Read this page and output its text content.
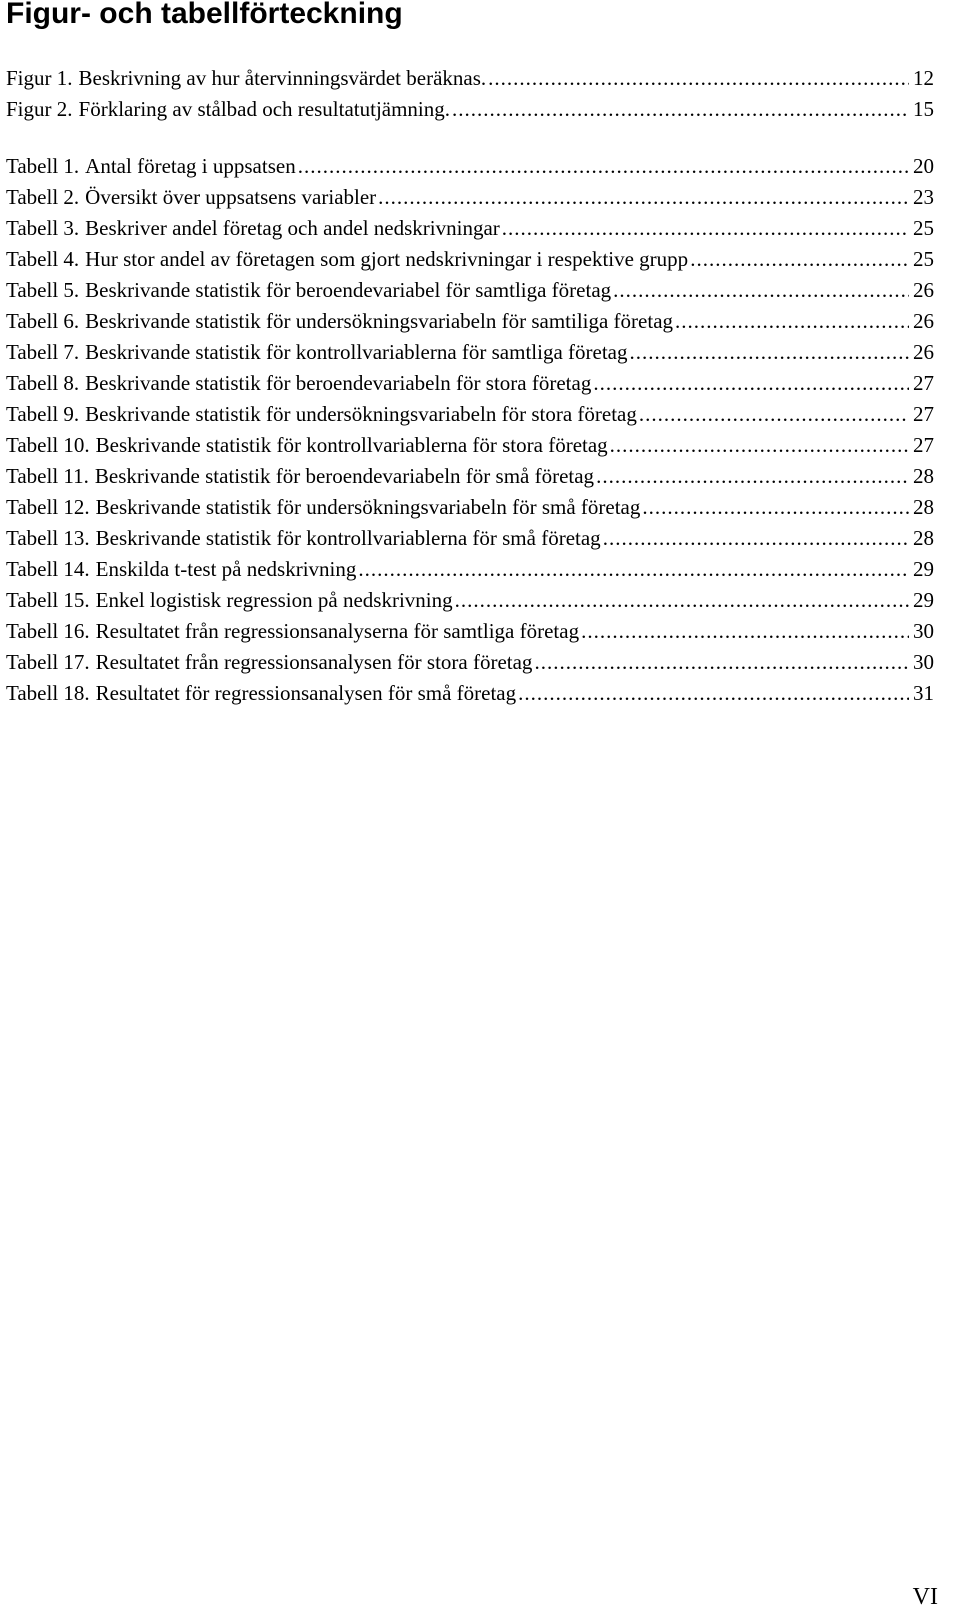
Figur- och tabellförteckning
Figur 1. Beskrivning av hur återvinningsvärdet beräknas. .....	12
Figur 2. Förklaring av stålbad och resultatutjämning. .....	15
Tabell 1. Antal företag i uppsatsen .....	20
Tabell 2. Översikt över uppsatsens variabler .....	23
Tabell 3. Beskriver andel företag och andel nedskrivningar .....	25
Tabell 4. Hur stor andel av företagen som gjort nedskrivningar i respektive grupp .....	25
Tabell 5. Beskrivande statistik för beroendevariabel för samtliga företag .....	26
Tabell 6. Beskrivande statistik för undersökningsvariabeln för samtiliga företag .....	26
Tabell 7. Beskrivande statistik för kontrollvariablerna för samtliga företag .....	26
Tabell 8. Beskrivande statistik för beroendevariabeln för stora företag .....	27
Tabell 9. Beskrivande statistik för undersökningsvariabeln för stora företag .....	27
Tabell 10. Beskrivande statistik för kontrollvariablerna för stora företag .....	27
Tabell 11. Beskrivande statistik för beroendevariabeln för små företag .....	28
Tabell 12. Beskrivande statistik för undersökningsvariabeln för små företag .....	28
Tabell 13. Beskrivande statistik för kontrollvariablerna för små företag .....	28
Tabell 14. Enskilda t-test på nedskrivning .....	29
Tabell 15. Enkel logistisk regression på nedskrivning .....	29
Tabell 16. Resultatet från regressionsanalyserna för samtliga företag .....	30
Tabell 17. Resultatet från regressionsanalysen för stora företag .....	30
Tabell 18. Resultatet för regressionsanalysen för små företag .....	31
VI
